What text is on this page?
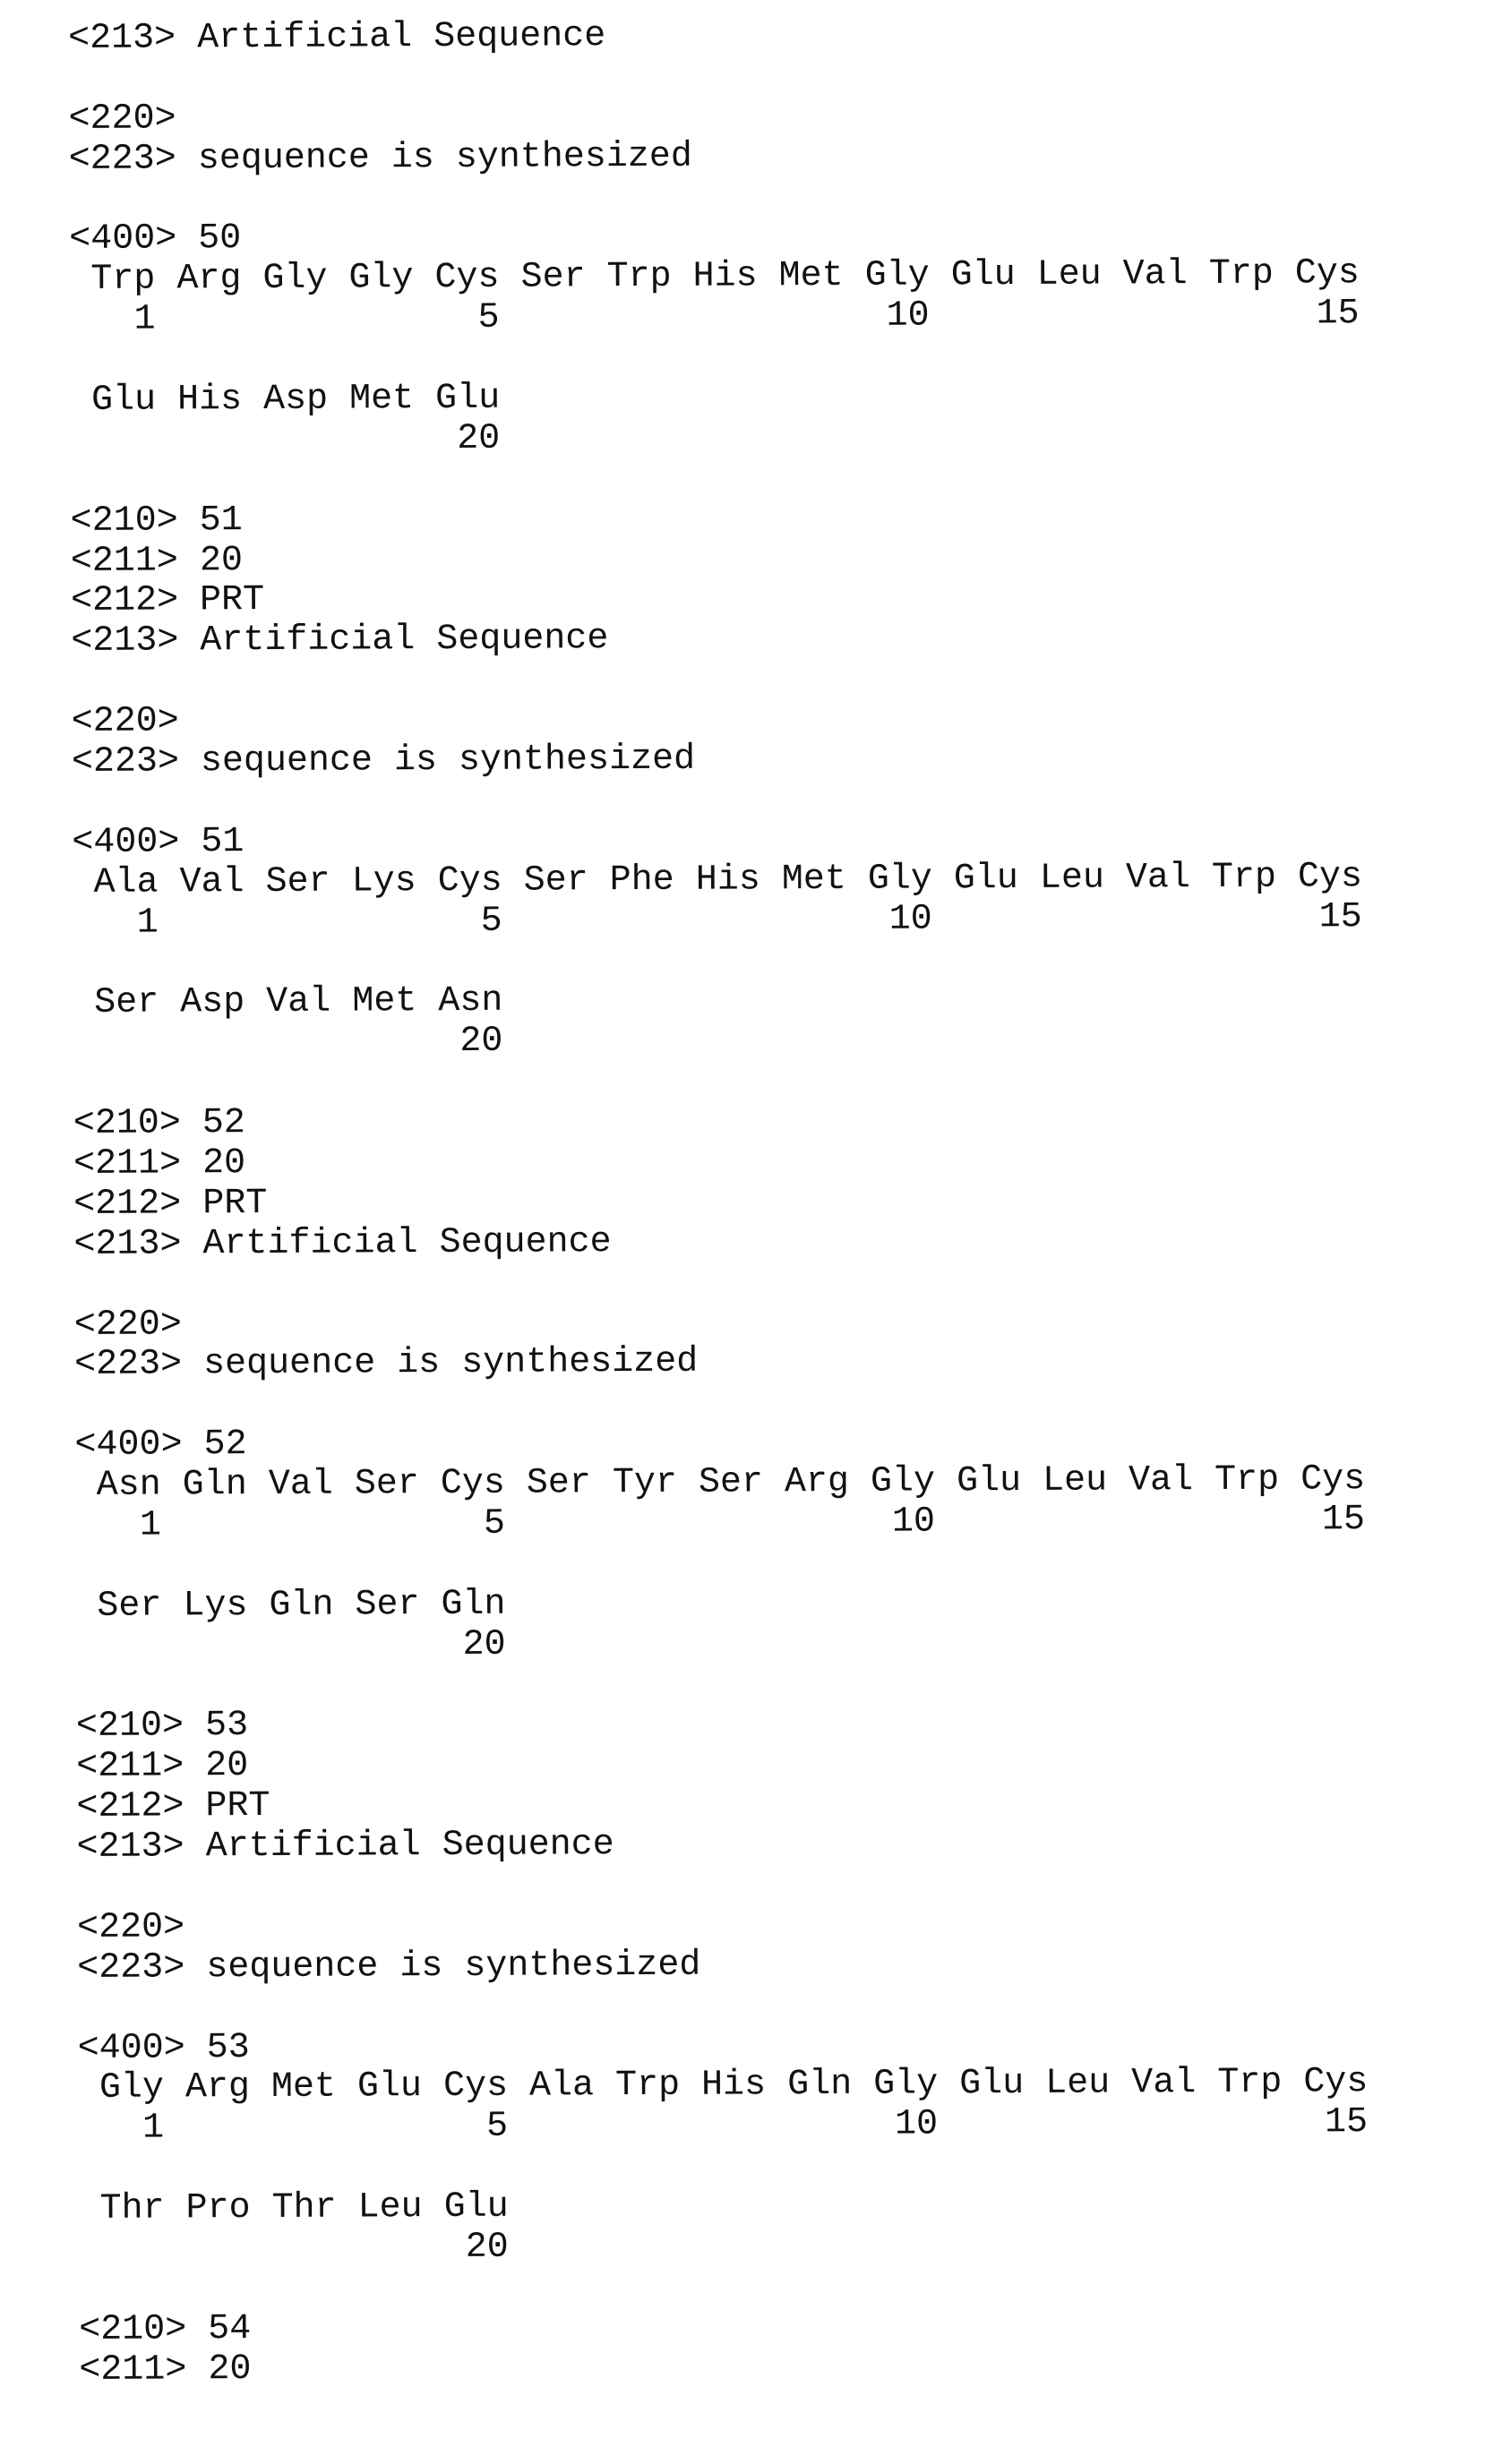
<213> Artificial Sequence
<220>
<223> sequence is synthesized
<400> 50
Trp Arg Gly Gly Cys Ser Trp His Met Gly Glu Leu Val Trp Cys
1	5	10	15
Glu His Asp Met Glu
20
<210> 51
<211> 20
<212> PRT
<213> Artificial Sequence
<220>
<223> sequence is synthesized
<400> 51
Ala Val Ser Lys Cys Ser Phe His Met Gly Glu Leu Val Trp Cys
1	5	10	15
Ser Asp Val Met Asn
20
<210> 52
<211> 20
<212> PRT
<213> Artificial Sequence
<220>
<223> sequence is synthesized
<400> 52
Asn Gln Val Ser Cys Ser Tyr Ser Arg Gly Glu Leu Val Trp Cys
1	5	10	15
Ser Lys Gln Ser Gln
20
<210> 53
<211> 20
<212> PRT
<213> Artificial Sequence
<220>
<223> sequence is synthesized
<400> 53
Gly Arg Met Glu Cys Ala Trp His Gln Gly Glu Leu Val Trp Cys
1	5	10	15
Thr Pro Thr Leu Glu
20
<210> 54
<211> 20
